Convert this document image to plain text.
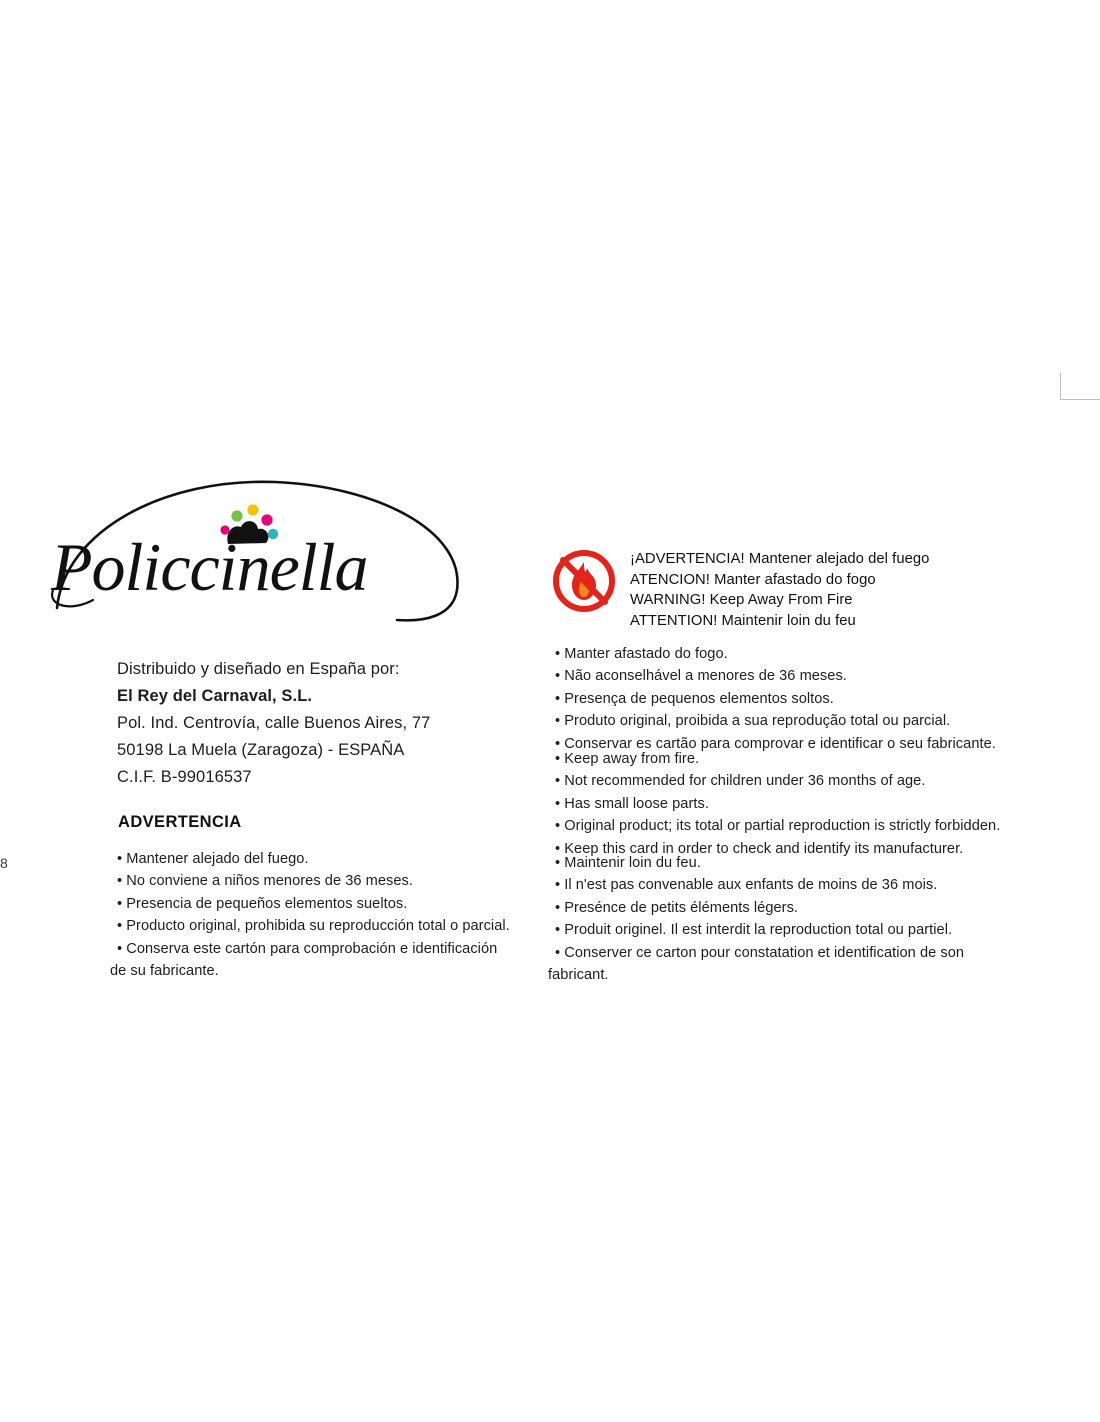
8
Policcinella
Distribuido y diseñado en España por:
El Rey del Carnaval, S.L.
Pol. Ind. Centrovía, calle Buenos Aires, 77
50198 La Muela (Zaragoza) - ESPAÑA
C.I.F. B-99016537
ADVERTENCIA
• Mantener alejado del fuego.
• No conviene a niños menores de 36 meses.
• Presencia de pequeños elementos sueltos.
• Producto original, prohibida su reproducción total o parcial.
• Conserva este cartón para comprobación e identificación
de su fabricante.
¡ADVERTENCIA! Mantener alejado del fuego
ATENCION! Manter afastado do fogo
WARNING! Keep Away From Fire
ATTENTION! Maintenir loin du feu
• Manter afastado do fogo.
• Não aconselhável a menores de 36 meses.
• Presença de pequenos elementos soltos.
• Produto original, proibida a sua reprodução total ou parcial.
• Conservar es cartão para comprovar e identificar o seu fabricante.
• Keep away from fire.
• Not recommended for children under 36 months of age.
• Has small loose parts.
• Original product; its total or partial reproduction is strictly forbidden.
• Keep this card in order to check and identify its manufacturer.
• Maintenir loin du feu.
• Il n'est pas convenable aux enfants de moins de 36 mois.
• Presénce de petits éléments légers.
• Produit originel. Il est interdit la reproduction total ou partiel.
• Conserver ce carton pour constatation et identification de son
fabricant.
